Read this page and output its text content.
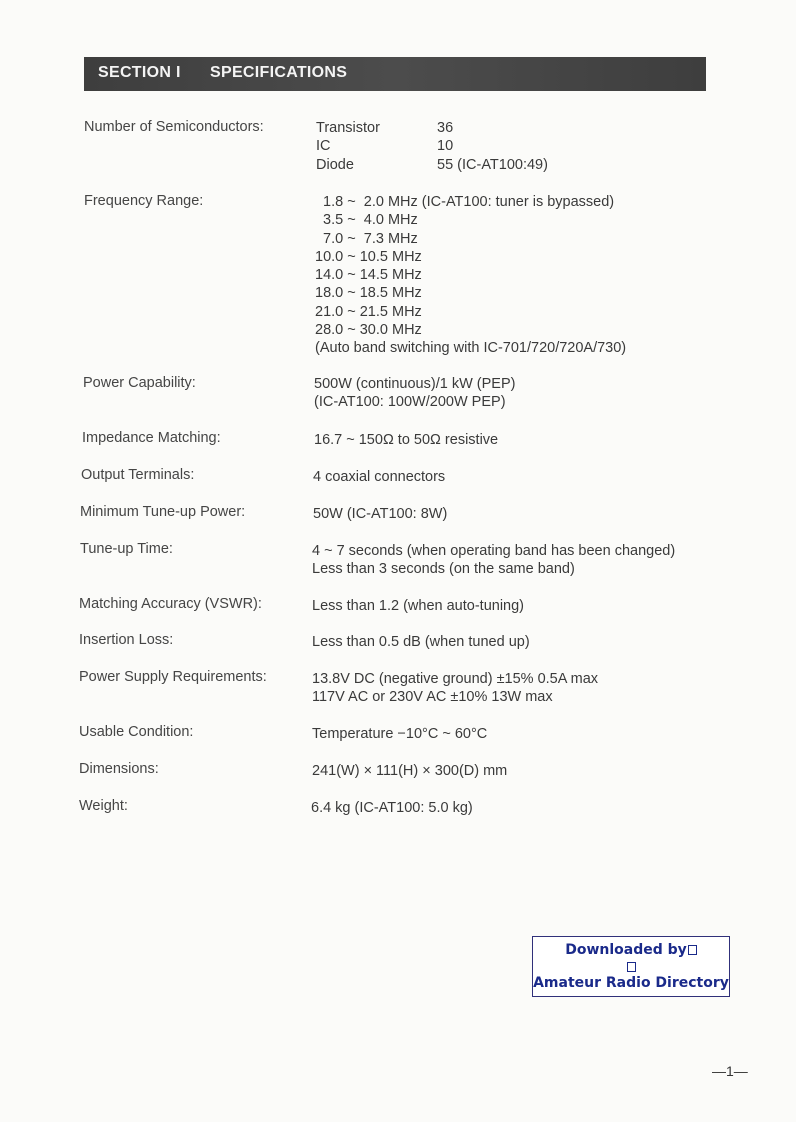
SECTION I SPECIFICATIONS
Number of Semiconductors:	Transistor	36
IC	10
Diode	55 (IC-AT100:49)
Frequency Range:	1.8 ~  2.0 MHz (IC-AT100: tuner is bypassed)
3.5 ~  4.0 MHz
7.0 ~  7.3 MHz
10.0 ~ 10.5 MHz
14.0 ~ 14.5 MHz
18.0 ~ 18.5 MHz
21.0 ~ 21.5 MHz
28.0 ~ 30.0 MHz
(Auto band switching with IC-701/720/720A/730)
Power Capability:	500W (continuous)/1 kW (PEP)
(IC-AT100: 100W/200W PEP)
Impedance Matching:	16.7 ~ 150Ω to 50Ω resistive
Output Terminals:	4 coaxial connectors
Minimum Tune-up Power:	50W (IC-AT100: 8W)
Tune-up Time:	4 ~ 7 seconds (when operating band has been changed)
Less than 3 seconds (on the same band)
Matching Accuracy (VSWR):	Less than 1.2 (when auto-tuning)
Insertion Loss:	Less than 0.5 dB (when tuned up)
Power Supply Requirements:	13.8V DC (negative ground) ±15% 0.5A max
117V AC or 230V AC ±10% 13W max
Usable Condition:	Temperature −10°C ~ 60°C
Dimensions:	241(W) × 111(H) × 300(D) mm
Weight:	6.4 kg (IC-AT100: 5.0 kg)
Downloaded by
Amateur Radio Directory
—1—
